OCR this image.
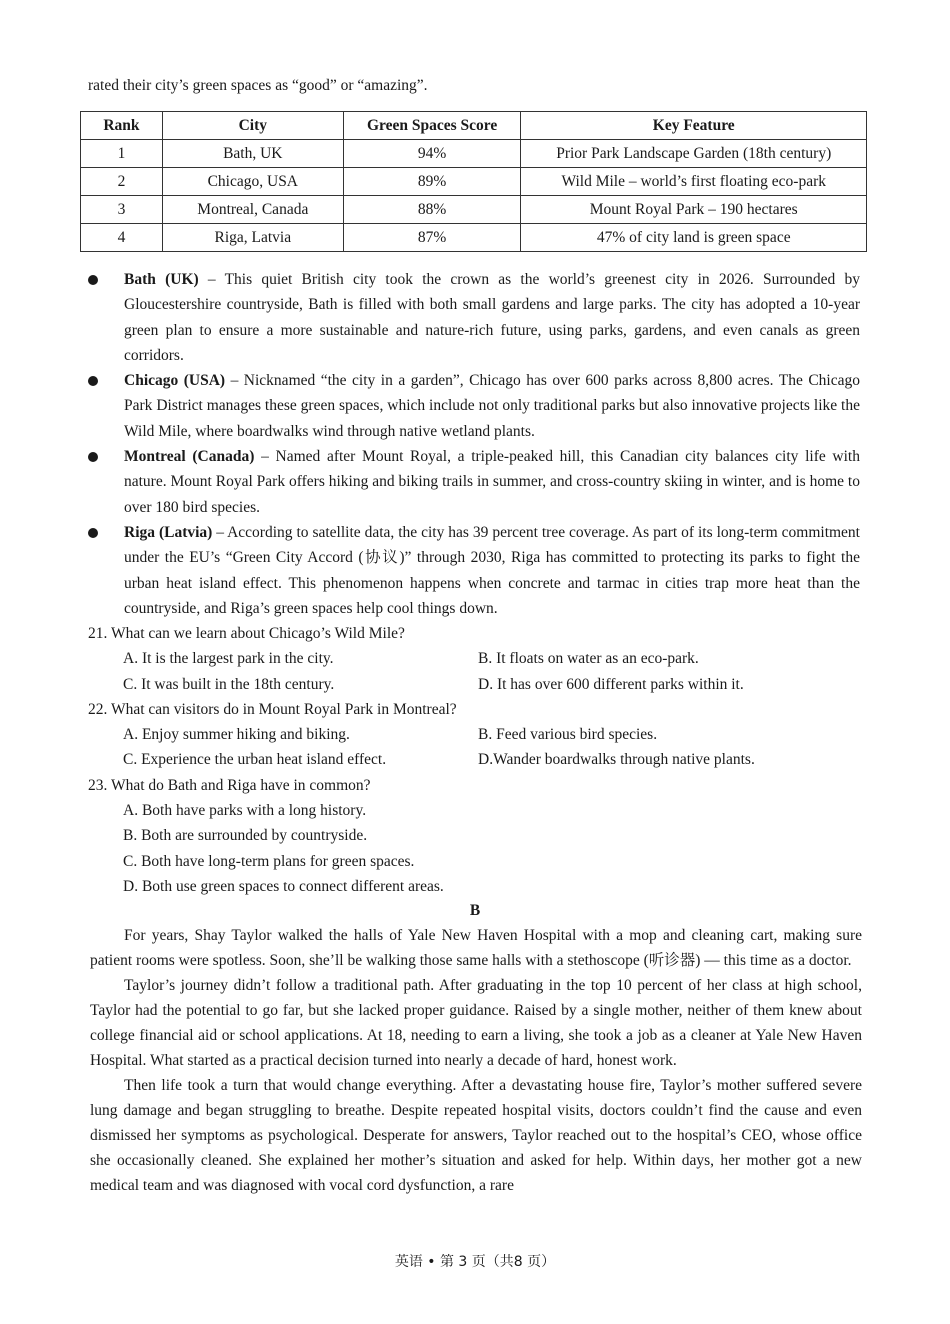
rated their city’s green spaces as “good” or “amazing”.
Rank	City	Green Spaces Score	Key Feature
1	Bath, UK	94%	Prior Park Landscape Garden (18th century)
2	Chicago, USA	89%	Wild Mile – world’s first floating eco-park
3	Montreal, Canada	88%	Mount Royal Park – 190 hectares
4	Riga, Latvia	87%	47% of city land is green space
Bath (UK) – This quiet British city took the crown as the world’s greenest city in 2026. Surrounded by Gloucestershire countryside, Bath is filled with both small gardens and large parks. The city has adopted a 10-year green plan to ensure a more sustainable and nature-rich future, using parks, gardens, and even canals as green corridors.
Chicago (USA) – Nicknamed “the city in a garden”, Chicago has over 600 parks across 8,800 acres. The Chicago Park District manages these green spaces, which include not only traditional parks but also innovative projects like the Wild Mile, where boardwalks wind through native wetland plants.
Montreal (Canada) – Named after Mount Royal, a triple-peaked hill, this Canadian city balances city life with nature. Mount Royal Park offers hiking and biking trails in summer, and cross-country skiing in winter, and is home to over 180 bird species.
Riga (Latvia) – According to satellite data, the city has 39 percent tree coverage. As part of its long-term commitment under the EU’s “Green City Accord (协议)” through 2030, Riga has committed to protecting its parks to fight the urban heat island effect. This phenomenon happens when concrete and tarmac in cities trap more heat than the countryside, and Riga’s green spaces help cool things down.

21. What can we learn about Chicago’s Wild Mile?

A. It is the largest park in the city.	B. It floats on water as an eco-park.
C. It was built in the 18th century.	D. It has over 600 different parks within it.

22. What can visitors do in Mount Royal Park in Montreal?

A. Enjoy summer hiking and biking.	B. Feed various bird species.
C. Experience the urban heat island effect.	D.Wander boardwalks through native plants.

23. What do Bath and Riga have in common?

A. Both have parks with a long history.
B. Both are surrounded by countryside.
C. Both have long-term plans for green spaces.
D. Both use green spaces to connect different areas.
B

For years, Shay Taylor walked the halls of Yale New Haven Hospital with a mop and cleaning cart, making sure patient rooms were spotless. Soon, she’ll be walking those same halls with a stethoscope (听诊器) — this time as a doctor.

Taylor’s journey didn’t follow a traditional path. After graduating in the top 10 percent of her class at high school, Taylor had the potential to go far, but she lacked proper guidance. Raised by a single mother, neither of them knew about college financial aid or school applications. At 18, needing to earn a living, she took a job as a cleaner at Yale New Haven Hospital. What started as a practical decision turned into nearly a decade of hard, honest work.

Then life took a turn that would change everything. After a devastating house fire, Taylor’s mother suffered severe lung damage and began struggling to breathe. Despite repeated hospital visits, doctors couldn’t find the cause and even dismissed her symptoms as psychological. Desperate for answers, Taylor reached out to the hospital’s CEO, whose office she occasionally cleaned. She explained her mother’s situation and asked for help. Within days, her mother got a new medical team and was diagnosed with vocal cord dysfunction, a rare

英语 • 第 3 页（共8 页）
